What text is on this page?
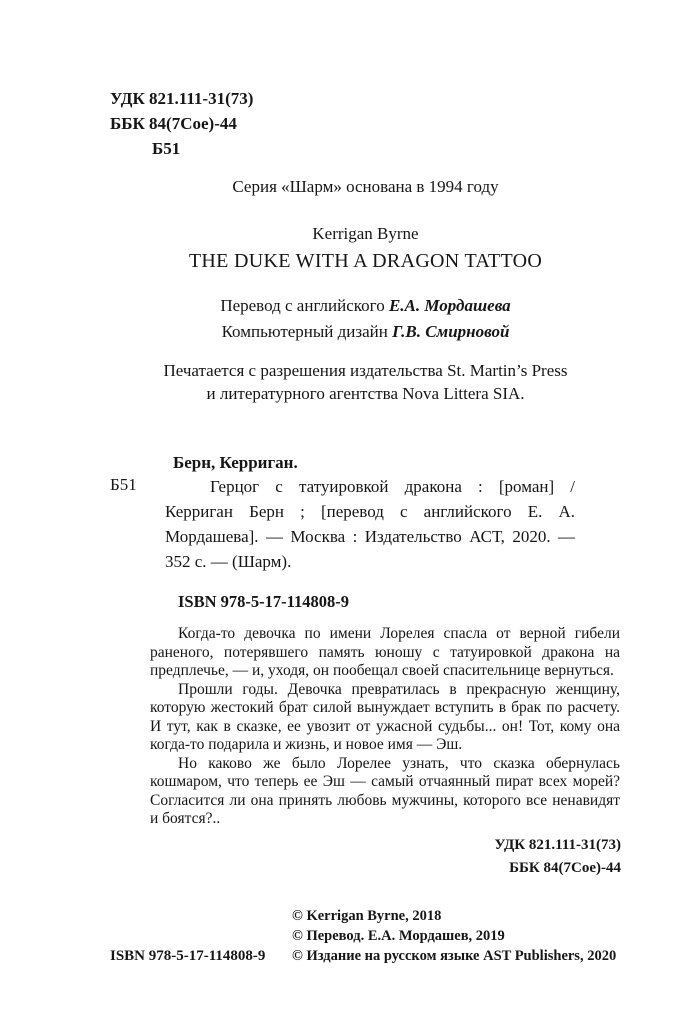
УДК 821.111-31(73)
ББК 84(7Сое)-44
Б51
Серия «Шарм» основана в 1994 году
Kerrigan Byrne
THE DUKE WITH A DRAGON TATTOO
Перевод с английского Е.А. Мордашева
Компьютерный дизайн Г.В. Смирновой
Печатается с разрешения издательства St. Martin’s Press
и литературного агентства Nova Littera SIA.
Берн, Керриган.
Б51	Герцог с татуировкой дракона : [роман] / Керриган Берн ; [перевод с английского Е. А. Мордашева]. — Москва : Издательство АСТ, 2020. — 352 с. — (Шарм).

ISBN 978-5-17-114808-9

Когда-то девочка по имени Лорелея спасла от верной гибели раненого, потерявшего память юношу с татуировкой дракона на предплечье, — и, уходя, он пообещал своей спасительнице вернуться.

Прошли годы. Девочка превратилась в прекрасную женщину, которую жестокий брат силой вынуждает вступить в брак по расчету. И тут, как в сказке, ее увозит от ужасной судьбы... он! Тот, кому она когда-то подарила и жизнь, и новое имя — Эш.

Но каково же было Лорелее узнать, что сказка обернулась кошмаром, что теперь ее Эш — самый отчаянный пират всех морей? Согласится ли она принять любовь мужчины, которого все ненавидят и боятся?..

УДК 821.111-31(73)
ББК 84(7Сое)-44
© Kerrigan Byrne, 2018
© Перевод. Е.А. Мордашев, 2019
ISBN 978-5-17-114808-9 © Издание на русском языке AST Publishers, 2020
